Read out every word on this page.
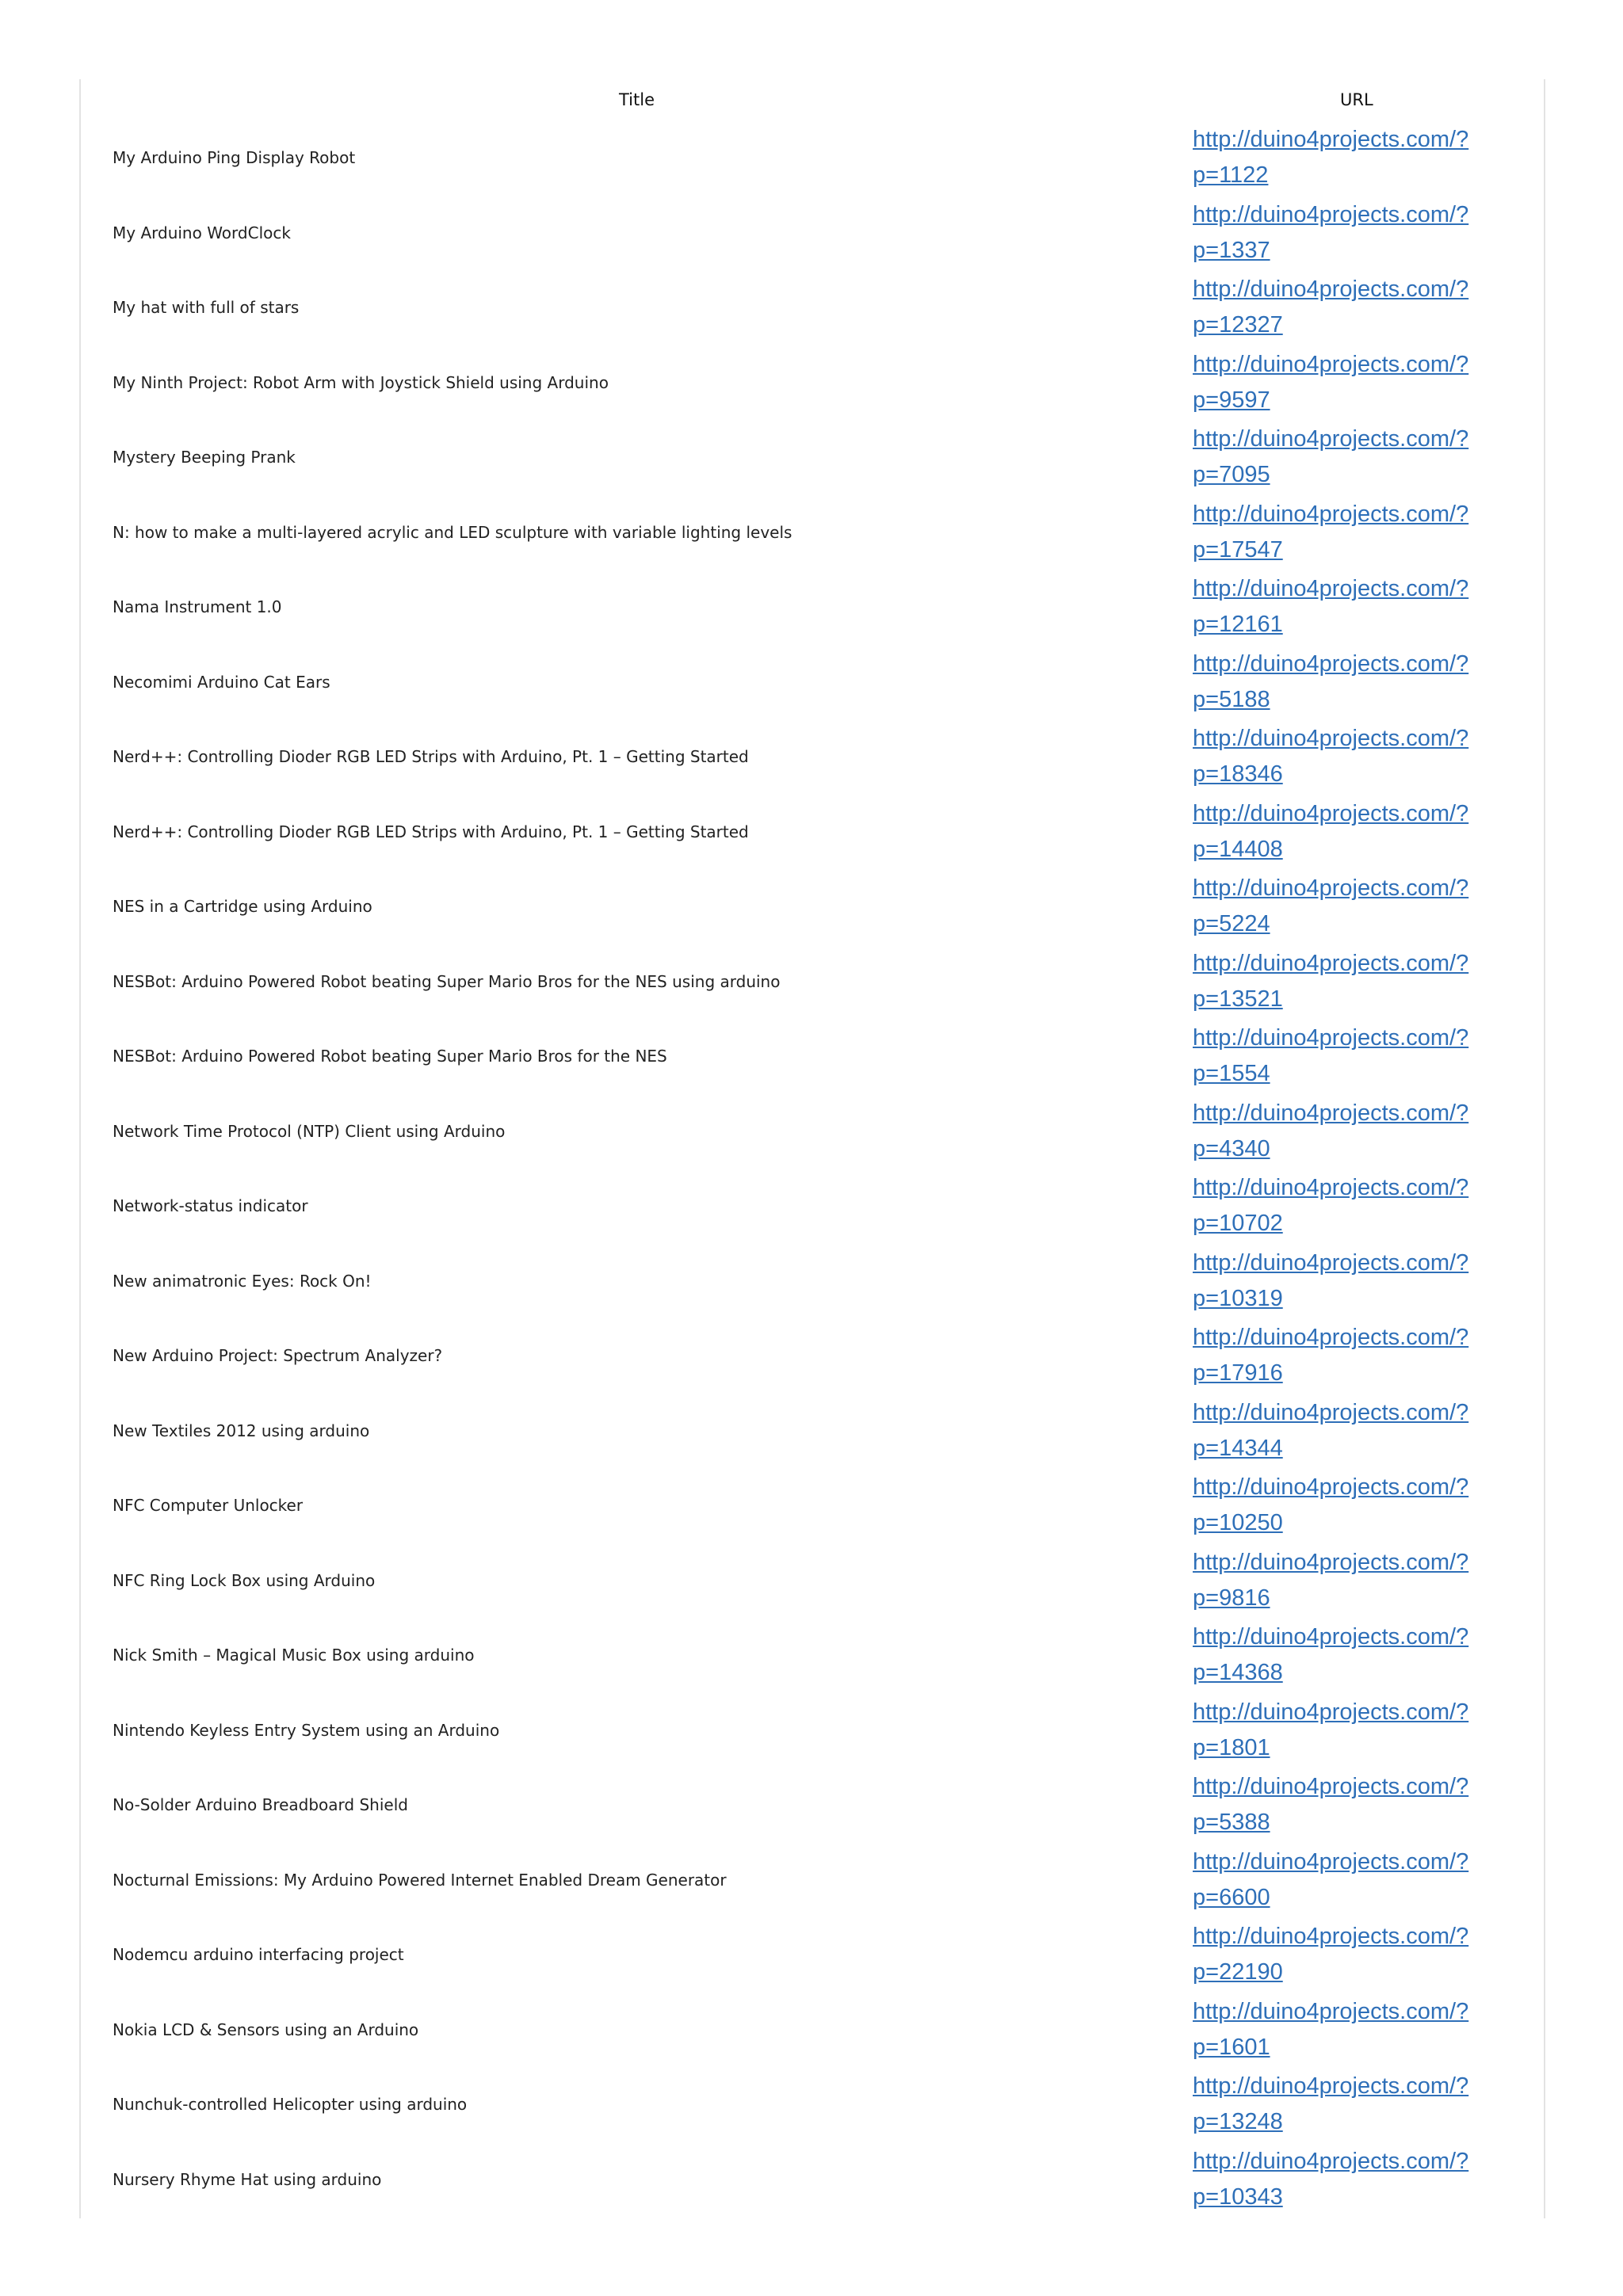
Title	URL
My Arduino Ping Display Robot	http://duino4projects.com/?p=1122

My Arduino WordClock	http://duino4projects.com/?p=1337

My hat with full of stars	http://duino4projects.com/?p=12327

My Ninth Project: Robot Arm with Joystick Shield using Arduino	http://duino4projects.com/?p=9597

Mystery Beeping Prank	http://duino4projects.com/?p=7095

N: how to make a multi-layered acrylic and LED sculpture with variable lighting levels	http://duino4projects.com/?p=17547

Nama Instrument 1.0	http://duino4projects.com/?p=12161

Necomimi Arduino Cat Ears	http://duino4projects.com/?p=5188

Nerd++: Controlling Dioder RGB LED Strips with Arduino, Pt. 1 – Getting Started	http://duino4projects.com/?p=18346

Nerd++: Controlling Dioder RGB LED Strips with Arduino, Pt. 1 – Getting Started	http://duino4projects.com/?p=14408

NES in a Cartridge using Arduino	http://duino4projects.com/?p=5224

NESBot: Arduino Powered Robot beating Super Mario Bros for the NES using arduino	http://duino4projects.com/?p=13521

NESBot: Arduino Powered Robot beating Super Mario Bros for the NES	http://duino4projects.com/?p=1554

Network Time Protocol (NTP) Client using Arduino	http://duino4projects.com/?p=4340

Network-status indicator	http://duino4projects.com/?p=10702

New animatronic Eyes: Rock On!	http://duino4projects.com/?p=10319

New Arduino Project: Spectrum Analyzer?	http://duino4projects.com/?p=17916

New Textiles 2012 using arduino	http://duino4projects.com/?p=14344

NFC Computer Unlocker	http://duino4projects.com/?p=10250

NFC Ring Lock Box using Arduino	http://duino4projects.com/?p=9816

Nick Smith – Magical Music Box using arduino	http://duino4projects.com/?p=14368

Nintendo Keyless Entry System using an Arduino	http://duino4projects.com/?p=1801

No-Solder Arduino Breadboard Shield	http://duino4projects.com/?p=5388

Nocturnal Emissions: My Arduino Powered Internet Enabled Dream Generator	http://duino4projects.com/?p=6600

Nodemcu arduino interfacing project	http://duino4projects.com/?p=22190

Nokia LCD & Sensors using an Arduino	http://duino4projects.com/?p=1601

Nunchuk-controlled Helicopter using arduino	http://duino4projects.com/?p=13248

Nursery Rhyme Hat using arduino	http://duino4projects.com/?p=10343
